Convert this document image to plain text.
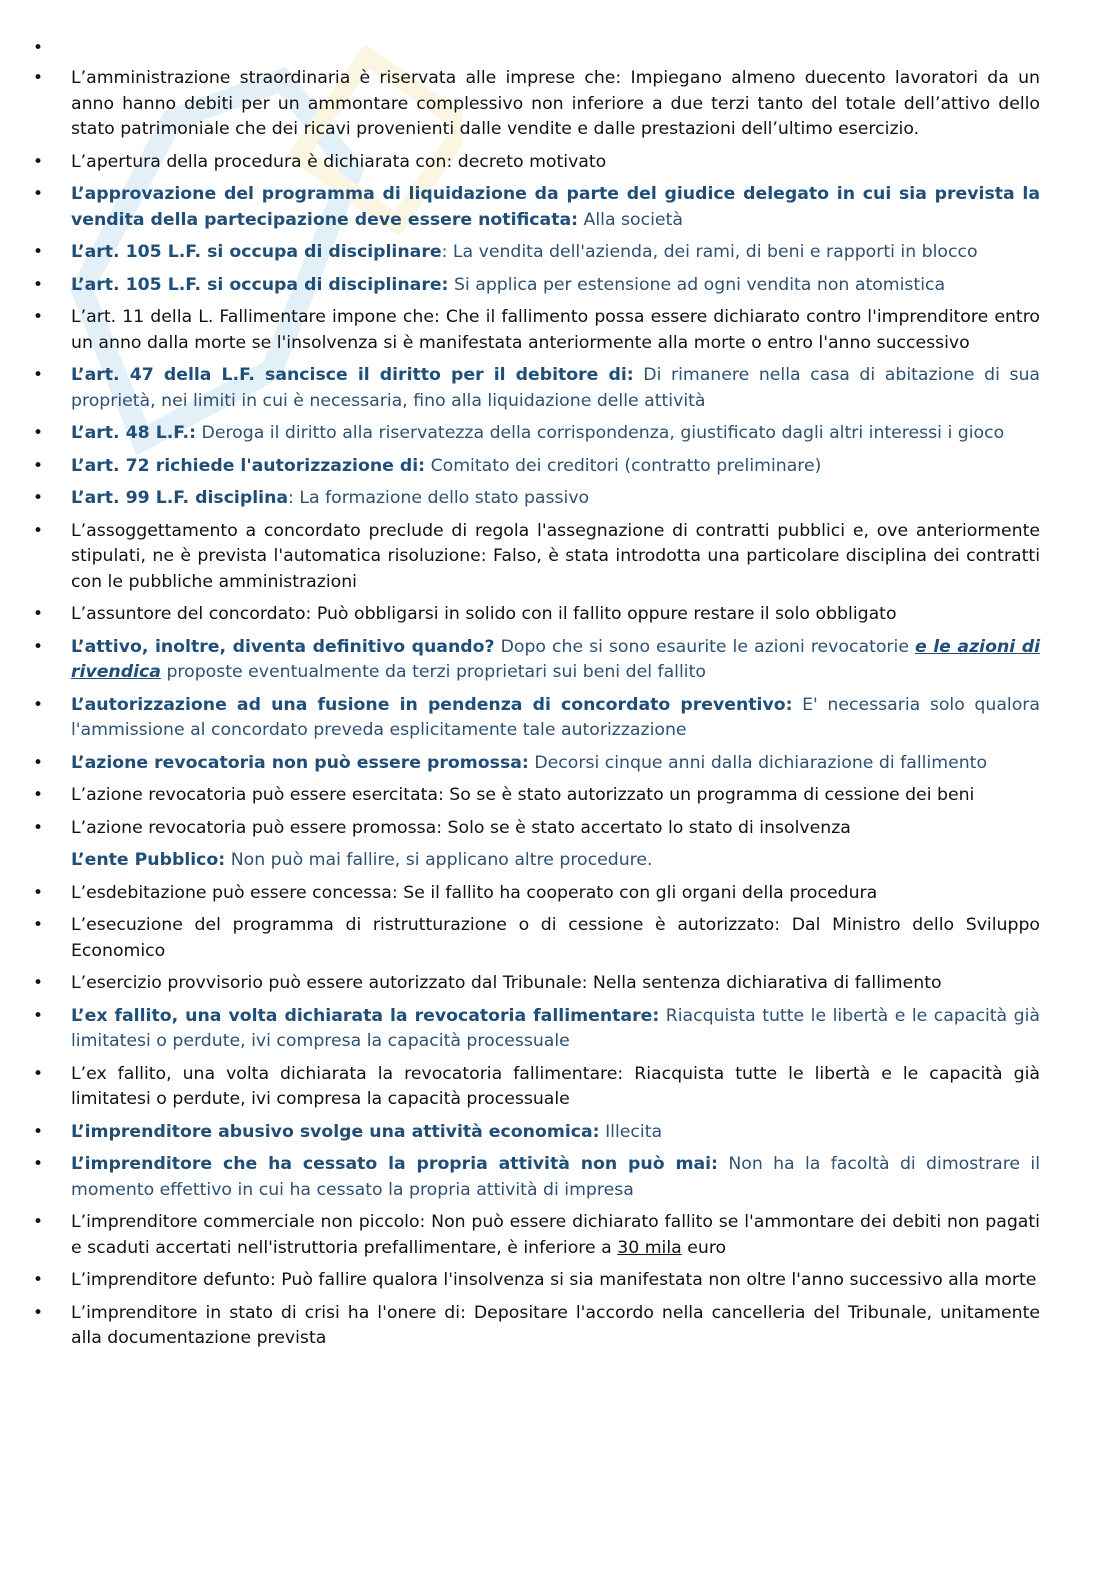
•
• L’amministrazione straordinaria è riservata alle imprese che: Impiegano almeno duecento lavoratori da un anno hanno debiti per un ammontare complessivo non inferiore a due terzi tanto del totale dell’attivo dello stato patrimoniale che dei ricavi provenienti dalle vendite e dalle prestazioni dell’ultimo esercizio.
• L’apertura della procedura è dichiarata con: decreto motivato
• L’approvazione del programma di liquidazione da parte del giudice delegato in cui sia prevista la vendita della partecipazione deve essere notificata: Alla società
• L’art. 105 L.F. si occupa di disciplinare: La vendita dell'azienda, dei rami, di beni e rapporti in blocco
• L’art. 105 L.F. si occupa di disciplinare: Si applica per estensione ad ogni vendita non atomistica
• L’art. 11 della L. Fallimentare impone che: Che il fallimento possa essere dichiarato contro l'imprenditore entro un anno dalla morte se l'insolvenza si è manifestata anteriormente alla morte o entro l'anno successivo
• L’art. 47 della L.F. sancisce il diritto per il debitore di: Di rimanere nella casa di abitazione di sua proprietà, nei limiti in cui è necessaria, fino alla liquidazione delle attività
• L’art. 48 L.F.: Deroga il diritto alla riservatezza della corrispondenza, giustificato dagli altri interessi i gioco
• L’art. 72 richiede l'autorizzazione di: Comitato dei creditori (contratto preliminare)
• L’art. 99 L.F. disciplina: La formazione dello stato passivo
• L’assoggettamento a concordato preclude di regola l'assegnazione di contratti pubblici e, ove anteriormente stipulati, ne è prevista l'automatica risoluzione: Falso, è stata introdotta una particolare disciplina dei contratti con le pubbliche amministrazioni
• L’assuntore del concordato: Può obbligarsi in solido con il fallito oppure restare il solo obbligato
• L’attivo, inoltre, diventa definitivo quando? Dopo che si sono esaurite le azioni revocatorie e le azioni di rivendica proposte eventualmente da terzi proprietari sui beni del fallito
• L’autorizzazione ad una fusione in pendenza di concordato preventivo: E' necessaria solo qualora l'ammissione al concordato preveda esplicitamente tale autorizzazione
• L’azione revocatoria non può essere promossa: Decorsi cinque anni dalla dichiarazione di fallimento
• L’azione revocatoria può essere esercitata: So se è stato autorizzato un programma di cessione dei beni
• L’azione revocatoria può essere promossa: Solo se è stato accertato lo stato di insolvenza
L’ente Pubblico: Non può mai fallire, si applicano altre procedure.
• L’esdebitazione può essere concessa: Se il fallito ha cooperato con gli organi della procedura
• L’esecuzione del programma di ristrutturazione o di cessione è autorizzato: Dal Ministro dello Sviluppo Economico
• L’esercizio provvisorio può essere autorizzato dal Tribunale: Nella sentenza dichiarativa di fallimento
• L’ex fallito, una volta dichiarata la revocatoria fallimentare: Riacquista tutte le libertà e le capacità già limitatesi o perdute, ivi compresa la capacità processuale
• L’ex fallito, una volta dichiarata la revocatoria fallimentare: Riacquista tutte le libertà e le capacità già limitatesi o perdute, ivi compresa la capacità processuale
• L’imprenditore abusivo svolge una attività economica: Illecita
• L’imprenditore che ha cessato la propria attività non può mai: Non ha la facoltà di dimostrare il momento effettivo in cui ha cessato la propria attività di impresa
• L’imprenditore commerciale non piccolo: Non può essere dichiarato fallito se l'ammontare dei debiti non pagati e scaduti accertati nell'istruttoria prefallimentare, è inferiore a 30 mila euro
• L’imprenditore defunto: Può fallire qualora l'insolvenza si sia manifestata non oltre l'anno successivo alla morte
• L’imprenditore in stato di crisi ha l'onere di: Depositare l'accordo nella cancelleria del Tribunale, unitamente alla documentazione prevista
